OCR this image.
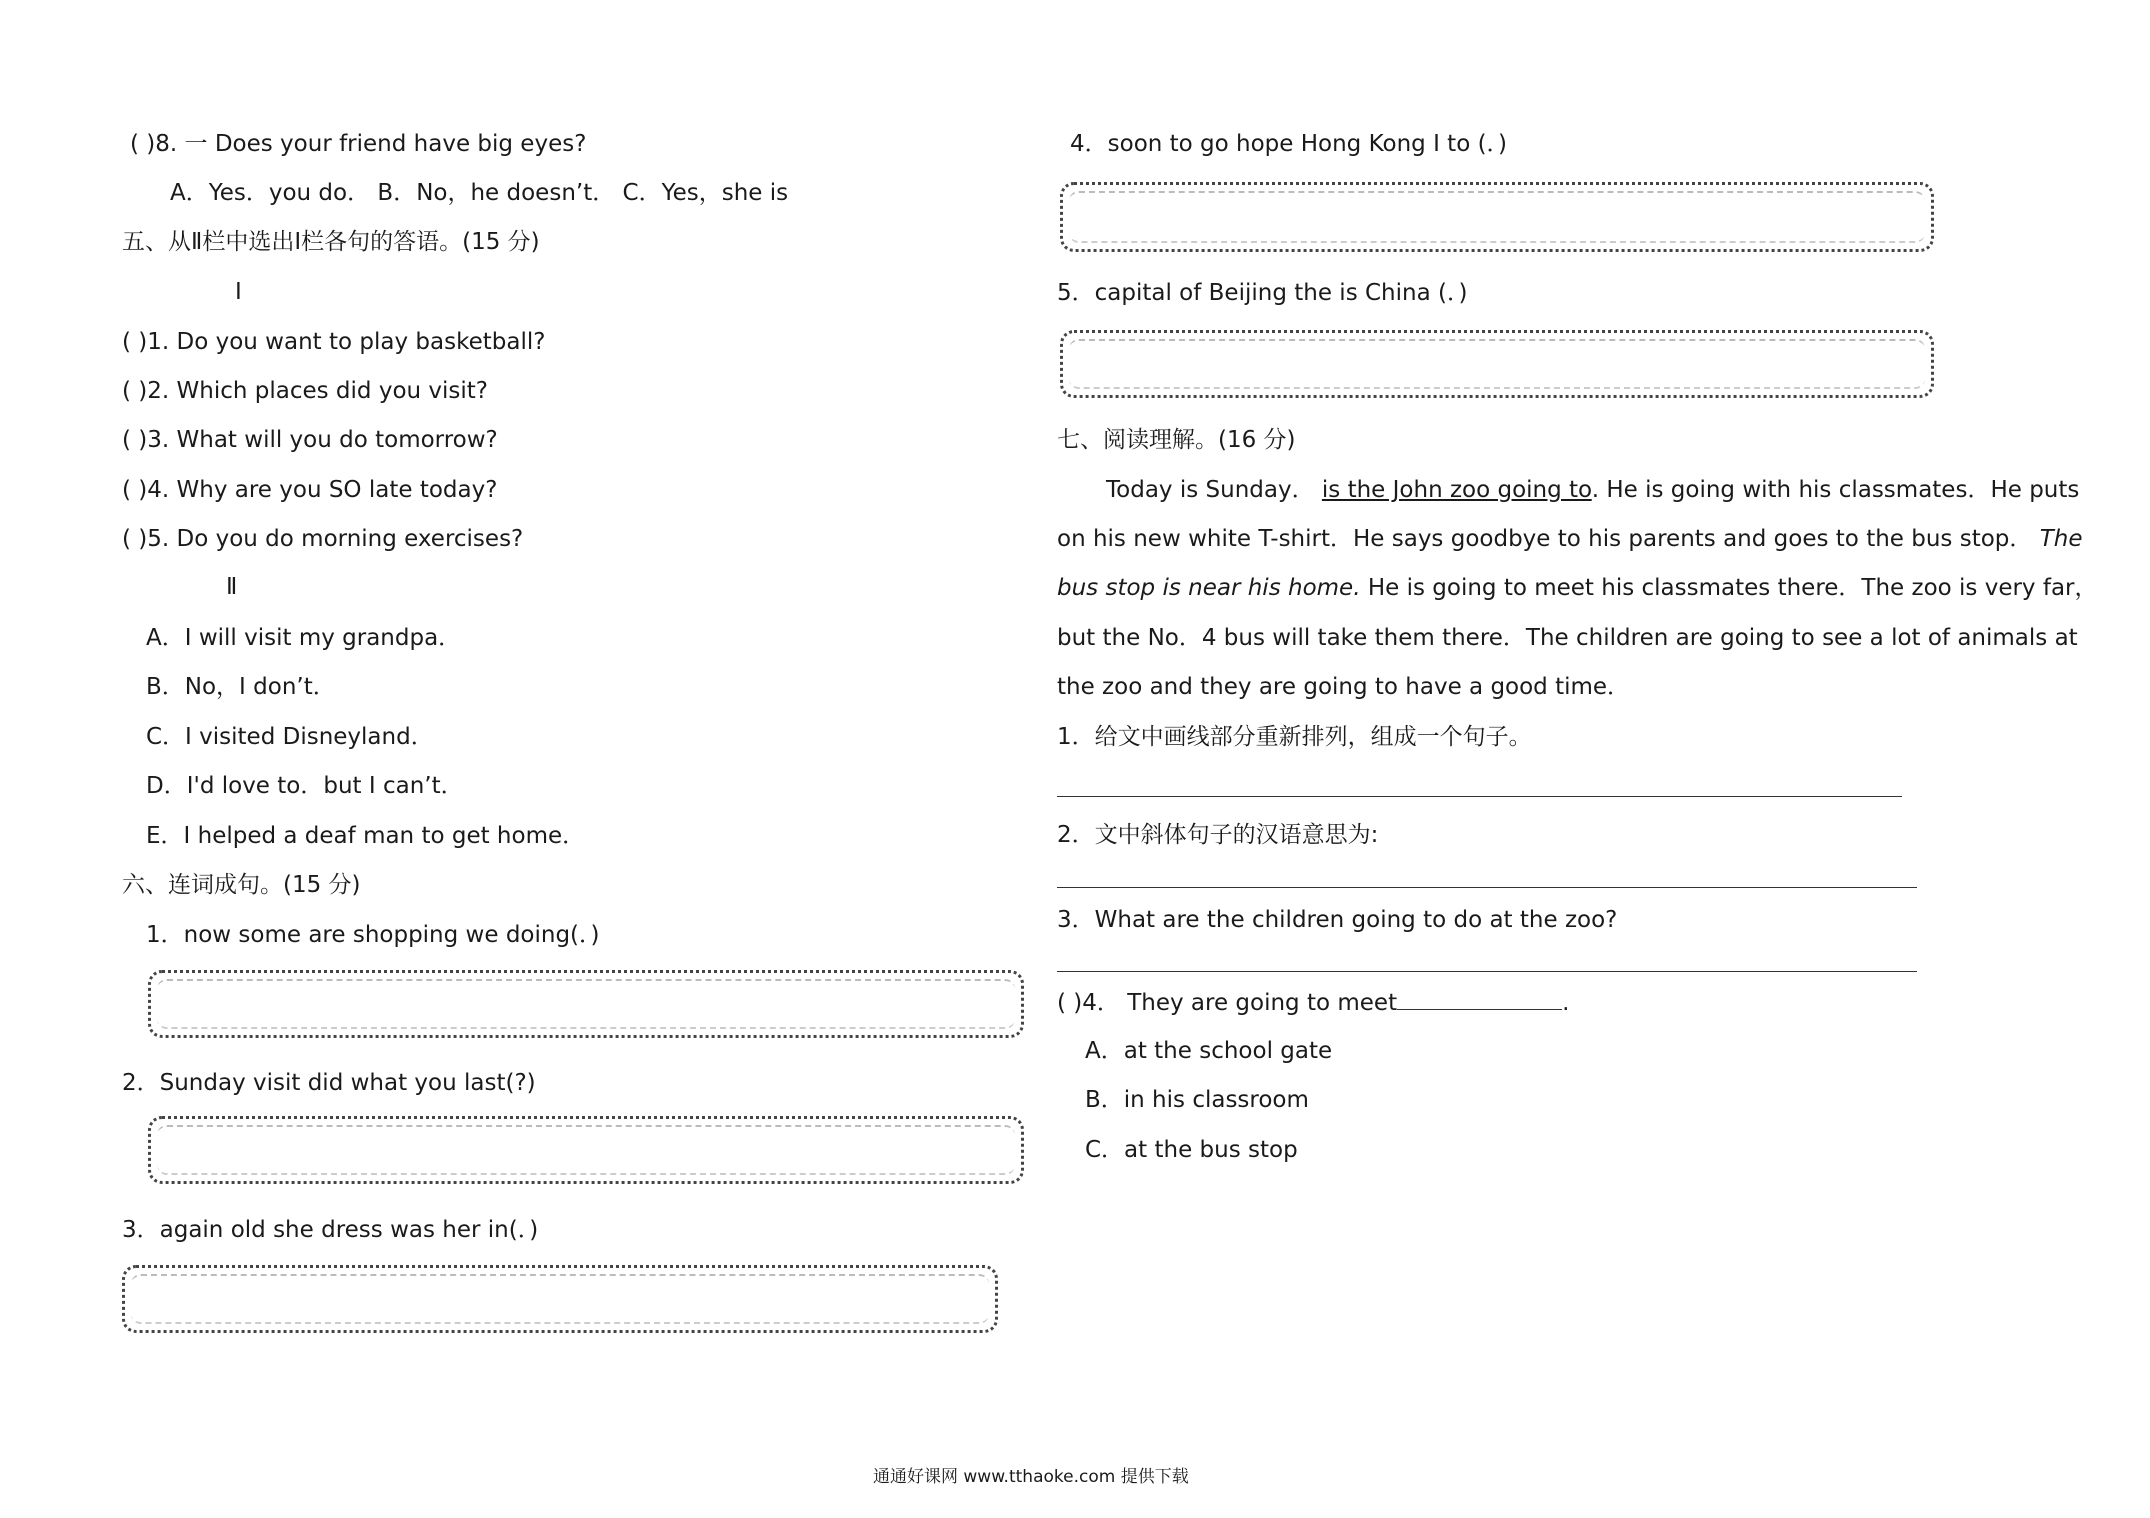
( )8. 一 Does your friend have big eyes?
A．Yes．you do． B．No，he doesn’t． C．Yes，she is
五、从Ⅱ栏中选出Ⅰ栏各句的答语。(15 分)
Ⅰ
( )1. Do you want to play basketball?
( )2. Which places did you visit?
( )3. What will you do tomorrow?
( )4. Why are you SO late today?
( )5. Do you do morning exercises?
Ⅱ
A．I will visit my grandpa．
B．No，I don’t．
C．I visited Disneyland．
D．I'd love to．but I can’t．
E．I helped a deaf man to get home．
六、连词成句。(15 分)
1．now some are shopping we doing(．)
2．Sunday visit did what you last(?)
3．again old she dress was her in(．)
4．soon to go hope Hong Kong I to (．)
5．capital of Beijing the is China (．)
七、阅读理解。(16 分)
Today is Sunday． is the John zoo going to. He is going with his classmates．He puts
on his new white T-shirt．He says goodbye to his parents and goes to the bus stop． The
bus stop is near his home. He is going to meet his classmates there．The zoo is very far，
but the No．4 bus will take them there．The children are going to see a lot of animals at
the zoo and they are going to have a good time．
1．给文中画线部分重新排列，组成一个句子。
2．文中斜体句子的汉语意思为:
3．What are the children going to do at the zoo?
( )4． They are going to meet	.
A．at the school gate
B．in his classroom
C．at the bus stop
通通好课网 www.tthaoke.com 提供下载
